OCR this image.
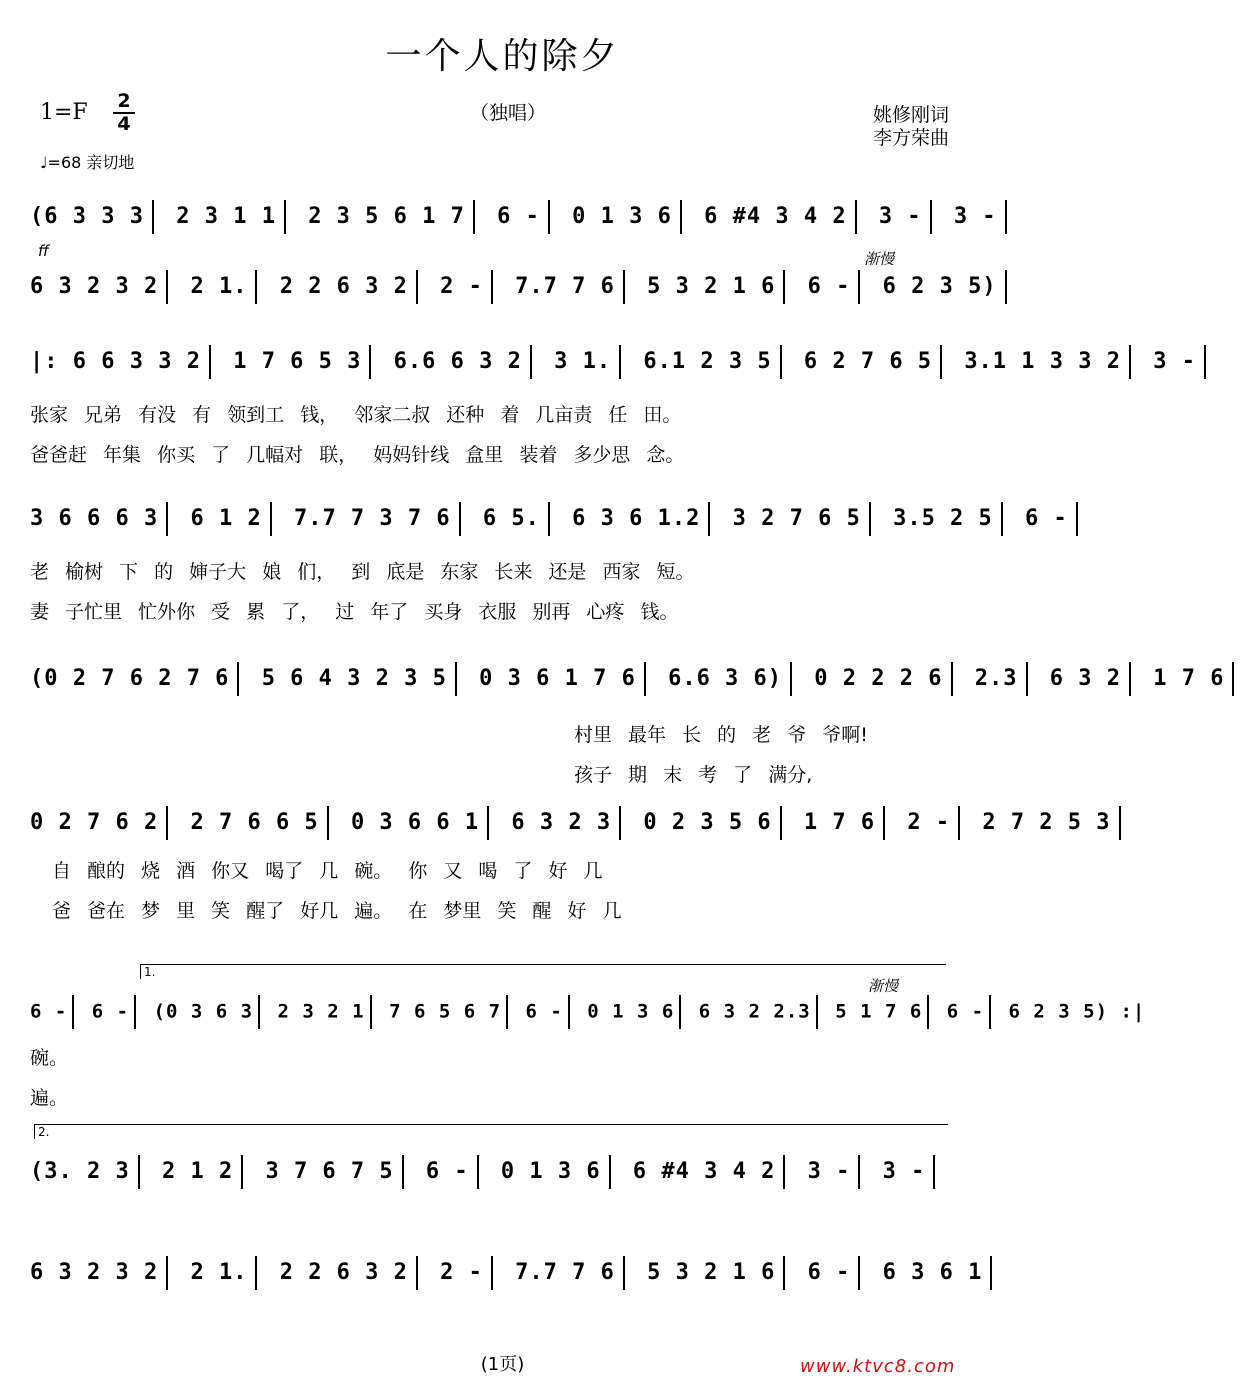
一个人的除夕
1=F 2
4	（独唱）	姚修刚词
李方荣曲
♩=68 亲切地
ff	渐慢
渐慢
1.
2.
(6 3 3 3 2 3 1 1 2 3 5 6 1 7 6 - 0 1 3 6 6 #4 3 4 2 3 - 3 -
6 3 2 3 2 2 1. 2 2 6 3 2 2 - 7.7 7 6 5 3 2 1 6 6 - 6 2 3 5)
|: 6 6 3 3 2 1 7 6 5 3 6.6 6 3 2 3 1. 6.1 2 3 5 6 2 7 6 5 3.1 1 3 3 2 3 -
张家 兄弟 有没 有 领到工 钱， 邻家二叔 还种 着 几亩责 任 田。
爸爸赶 年集 你买 了 几幅对 联， 妈妈针线 盒里 装着 多少思 念。
3 6 6 6 3 6 1 2 7.7 7 3 7 6 6 5. 6 3 6 1.2 3 2 7 6 5 3.5 2 5 6 -
老 榆树 下 的 婶子大 娘 们， 到 底是 东家 长来 还是 西家 短。
妻 子忙里 忙外你 受 累 了， 过 年了 买身 衣服 别再 心疼 钱。
(0 2 7 6 2 7 6 5 6 4 3 2 3 5 0 3 6 1 7 6 6.6 3 6) 0 2 2 2 6 2.3 6 3 2 1 7 6
村里 最年 长 的 老 爷 爷啊!
孩子 期 末 考 了 满分,
0 2 7 6 2 2 7 6 6 5 0 3 6 6 1 6 3 2 3 0 2 3 5 6 1 7 6 2 - 2 7 2 5 3
自 酿的 烧 酒 你又 喝了 几 碗。 你 又 喝 了 好 几
爸 爸在 梦 里 笑 醒了 好几 遍。 在 梦里 笑 醒 好 几
6 - 6 - (0 3 6 3 2 3 2 1 7 6 5 6 7 6 - 0 1 3 6 6 3 2 2.3 5 1 7 6 6 - 6 2 3 5) :|
碗。
遍。
(3. 2 3 2 1 2 3 7 6 7 5 6 - 0 1 3 6 6 #4 3 4 2 3 - 3 -
6 3 2 3 2 2 1. 2 2 6 3 2 2 - 7.7 7 6 5 3 2 1 6 6 - 6 3 6 1
(1页)	www.ktvc8.com
